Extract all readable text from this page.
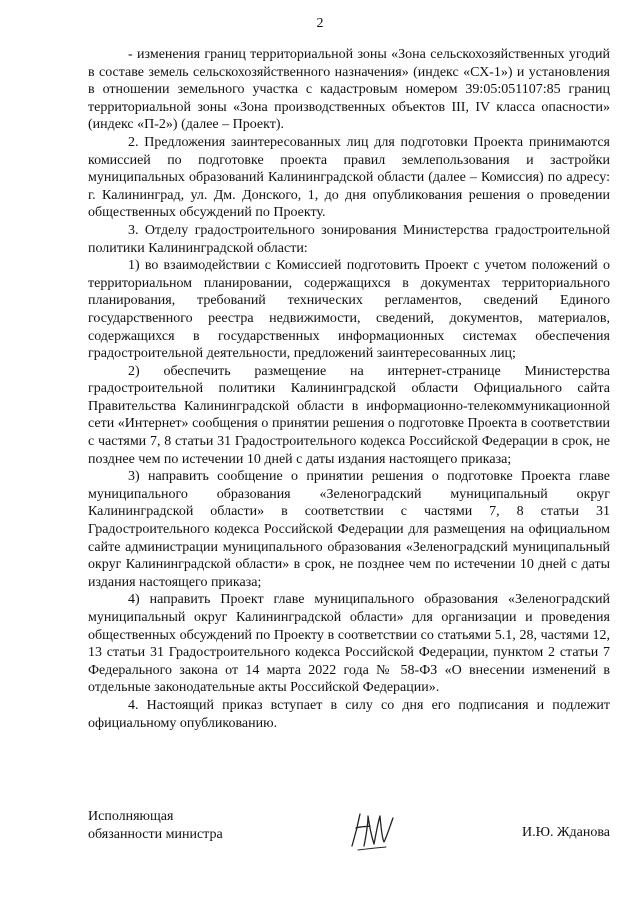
2

- изменения границ территориальной зоны «Зона сельскохозяйственных угодий в составе земель сельскохозяйственного назначения» (индекс «СХ-1») и установления в отношении земельного участка с кадастровым номером 39:05:051107:85 границ территориальной зоны «Зона производственных объектов III, IV класса опасности» (индекс «П-2») (далее – Проект).

2. Предложения заинтересованных лиц для подготовки Проекта принимаются комиссией по подготовке проекта правил землепользования и застройки муниципальных образований Калининградской области (далее – Комиссия) по адресу: г. Калининград, ул. Дм. Донского, 1, до дня опубликования решения о проведении общественных обсуждений по Проекту.

3. Отделу градостроительного зонирования Министерства градостроительной политики Калининградской области:

1) во взаимодействии с Комиссией подготовить Проект с учетом положений о территориальном планировании, содержащихся в документах территориального планирования, требований технических регламентов, сведений Единого государственного реестра недвижимости, сведений, документов, материалов, содержащихся в государственных информационных системах обеспечения градостроительной деятельности, предложений заинтересованных лиц;

2) обеспечить размещение на интернет-странице Министерства градостроительной политики Калининградской области Официального сайта Правительства Калининградской области в информационно-телекоммуникационной сети «Интернет» сообщения о принятии решения о подготовке Проекта в соответствии с частями 7, 8 статьи 31 Градостроительного кодекса Российской Федерации в срок, не позднее чем по истечении 10 дней с даты издания настоящего приказа;

3) направить сообщение о принятии решения о подготовке Проекта главе муниципального образования «Зеленоградский муниципальный округ Калининградской области» в соответствии с частями 7, 8 статьи 31 Градостроительного кодекса Российской Федерации для размещения на официальном сайте администрации муниципального образования «Зеленоградский муниципальный округ Калининградской области» в срок, не позднее чем по истечении 10 дней с даты издания настоящего приказа;

4) направить Проект главе муниципального образования «Зеленоградский муниципальный округ Калининградской области» для организации и проведения общественных обсуждений по Проекту в соответствии со статьями 5.1, 28, частями 12, 13 статьи 31 Градостроительного кодекса Российской Федерации, пунктом 2 статьи 7 Федерального закона от 14 марта 2022 года № 58-ФЗ «О внесении изменений в отдельные законодательные акты Российской Федерации».

4. Настоящий приказ вступает в силу со дня его подписания и подлежит официальному опубликованию.

Исполняющая
обязанности министра	И.Ю. Жданова
